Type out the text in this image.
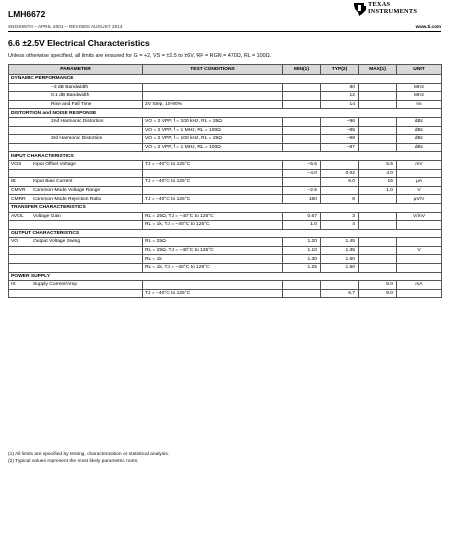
LMH6672
SNOS957H – APRIL 2001 – REVISED AUGUST 2014
TEXAS
INSTRUMENTS
www.ti.com
6.6 ±2.5V Electrical Characteristics
Unless otherwise specified, all limits are ensured for G = +2, VS = ±2.5 to ±6V, RF = RGN = 470Ω, RL = 100Ω.
PARAMETER	TEST CONDITIONS	MIN(1)	TYP(2)	MAX(1)	UNIT
DYNAMIC PERFORMANCE					
−3 dB Bandwidth			80		MHz
0.1 dB Bandwidth			12		MHz
Rise and Fall Time	2V Step, 10-90%		14		ns
DISTORTION and NOISE RESPONSE					
2nd Harmonic Distortion	VO = 2 VPP, f = 100 kHz, RL = 25Ω		−96		dBc
	VO = 2 VPP, f = 1 MHz, RL = 100Ω		−85		dBc
3rd Harmonic Distortion	VO = 2 VPP, f = 100 kHz, RL = 25Ω		−98		dBc
	VO = 2 VPP, f = 1 MHz, RL = 100Ω		−87		dBc
INPUT CHARACTERISTICS					
VOS Input Offset Voltage	TJ = −40°C to 125°C	−5.5		5.5	mV
		−4.0	0.02	4.0	
IB Input Bias Current	TJ = −40°C to 125°C		8.0	16	μA
CMVR Common-Mode Voltage Range		−2.5		1.0	V
CMRR Common-Mode Rejection Ratio	TJ = −40°C to 125°C	150	8		μV/V
TRANSFER CHARACTERISTICS					
AVOL Voltage Gain	RL = 25Ω, TJ = −40°C to 125°C	0.67	3		V/mV
	RL = 1k, TJ = −40°C to 125°C	1.0	4		
OUTPUT CHARACTERISTICS					
VO Output Voltage Swing	RL = 25Ω	1.20	1.45		
	RL = 25Ω, TJ = −40°C to 125°C	1.10	1.35		V
	RL = 1k	1.30	1.60		
	RL = 1k, TJ = −40°C to 125°C	1.25	1.50		
POWER SUPPLY					
IS Supply Current/Amp				8.0	mA
	TJ = −40°C to 125°C		6.7	9.0	
(1) All limits are specified by testing, characterization or statistical analysis.
(2) Typical values represent the most likely parametric norm.
